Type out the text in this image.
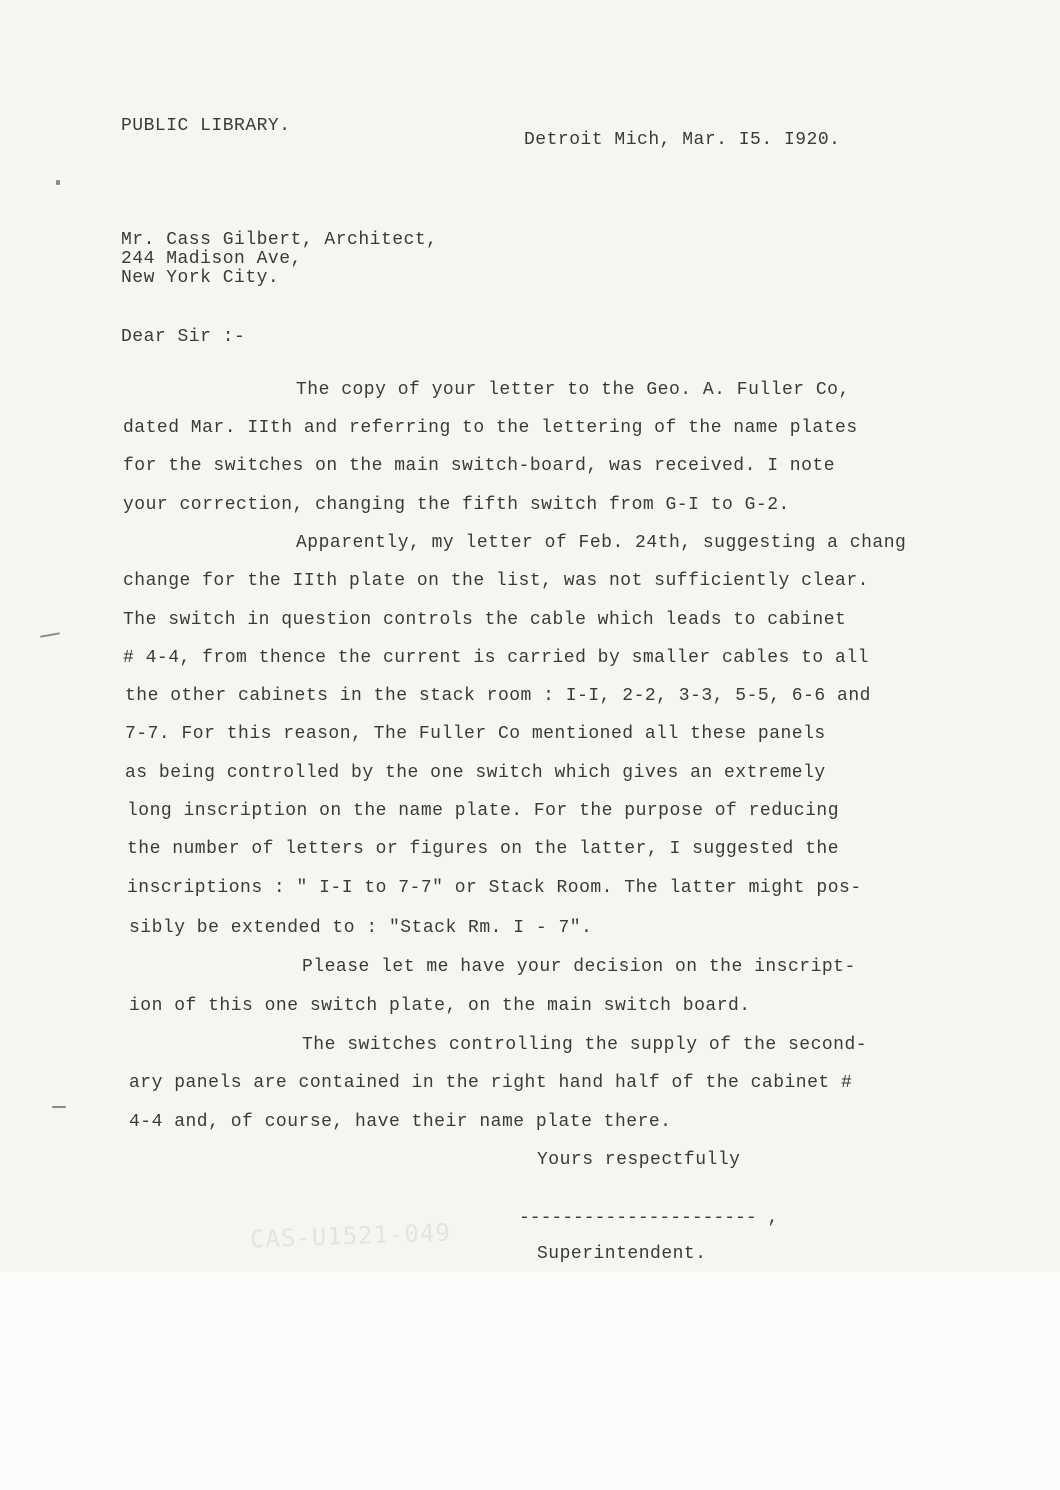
CAS-U1521-049
PUBLIC LIBRARY.
Detroit Mich, Mar. I5. I920.
Mr. Cass Gilbert, Architect,
244 Madison Ave,
New York City.
Dear Sir :-
The copy of your letter to the Geo. A. Fuller Co,
dated Mar. IIth and referring to the lettering of the name plates
for the switches on the main switch-board, was received. I note
your correction, changing the fifth switch from G-I to G-2.
Apparently, my letter of Feb. 24th, suggesting a chang
change for the IIth plate on the list, was not sufficiently clear.
The switch in question controls the cable which leads to cabinet
# 4-4, from thence the current is carried by smaller cables to all
the other cabinets in the stack room : I-I, 2-2, 3-3, 5-5, 6-6 and
7-7. For this reason, The Fuller Co mentioned all these panels
as being controlled by the one switch which gives an extremely
long inscription on the name plate. For the purpose of reducing
the number of letters or figures on the latter, I suggested the
inscriptions : " I-I to 7-7" or Stack Room. The latter might pos-
sibly be extended to : "Stack Rm. I - 7".
Please let me have your decision on the inscript-
ion of this one switch plate, on the main switch board.
The switches controlling the supply of the second-
ary panels are contained in the right hand half of the cabinet #
4-4 and, of course, have their name plate there.
Yours respectfully
---------------------- ,
Superintendent.
